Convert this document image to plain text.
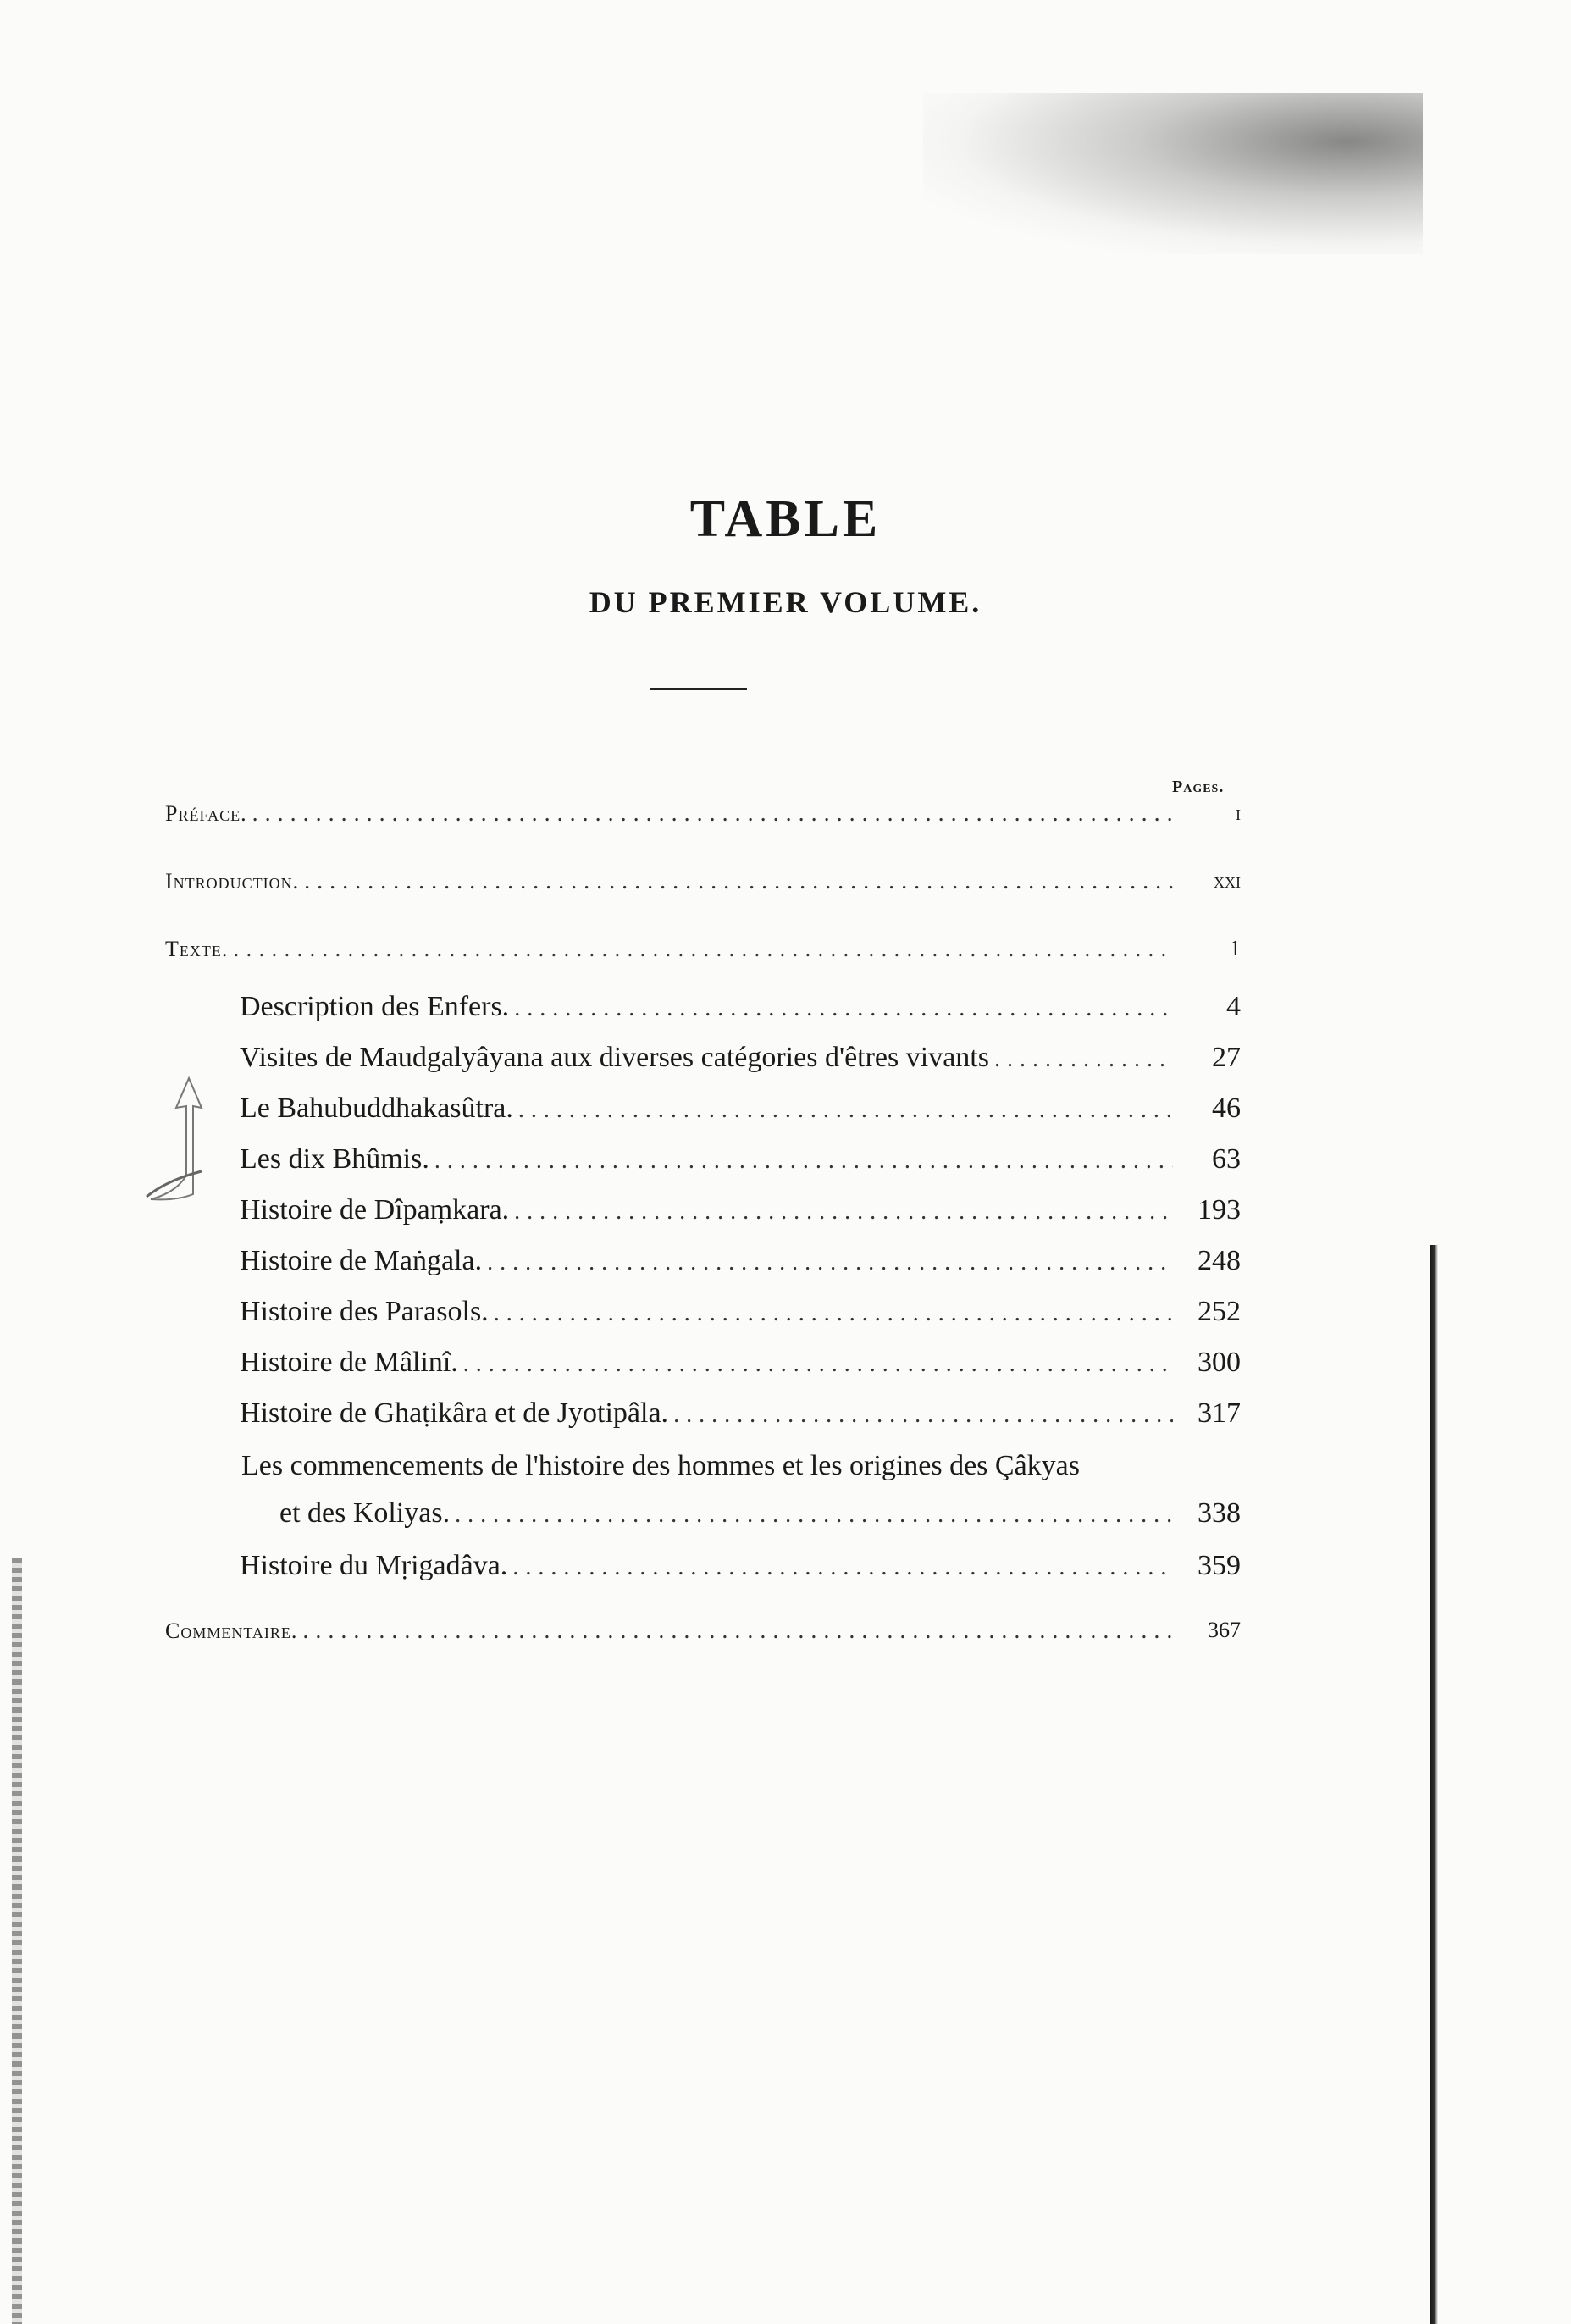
TABLE
DU PREMIER VOLUME.
Pages.
Préface. .....	i
Introduction. .....	xxi
Texte. .....	1
Description des Enfers. .....	4
Visites de Maudgalyâyana aux diverses catégories d'êtres vivants .....	27
Le Bahubuddhakasûtra. .....	46
Les dix Bhûmis. .....	63
Histoire de Dîpaṃkara. .....	193
Histoire de Maṅgala. .....	248
Histoire des Parasols. .....	252
Histoire de Mâlinî. .....	300
Histoire de Ghaṭikâra et de Jyotipâla. .....	317
Les commencements de l'histoire des hommes et les origines des Çâkyas
et des Koliyas. .....	338
Histoire du Mṛigadâva. .....	359
Commentaire. .....	367
